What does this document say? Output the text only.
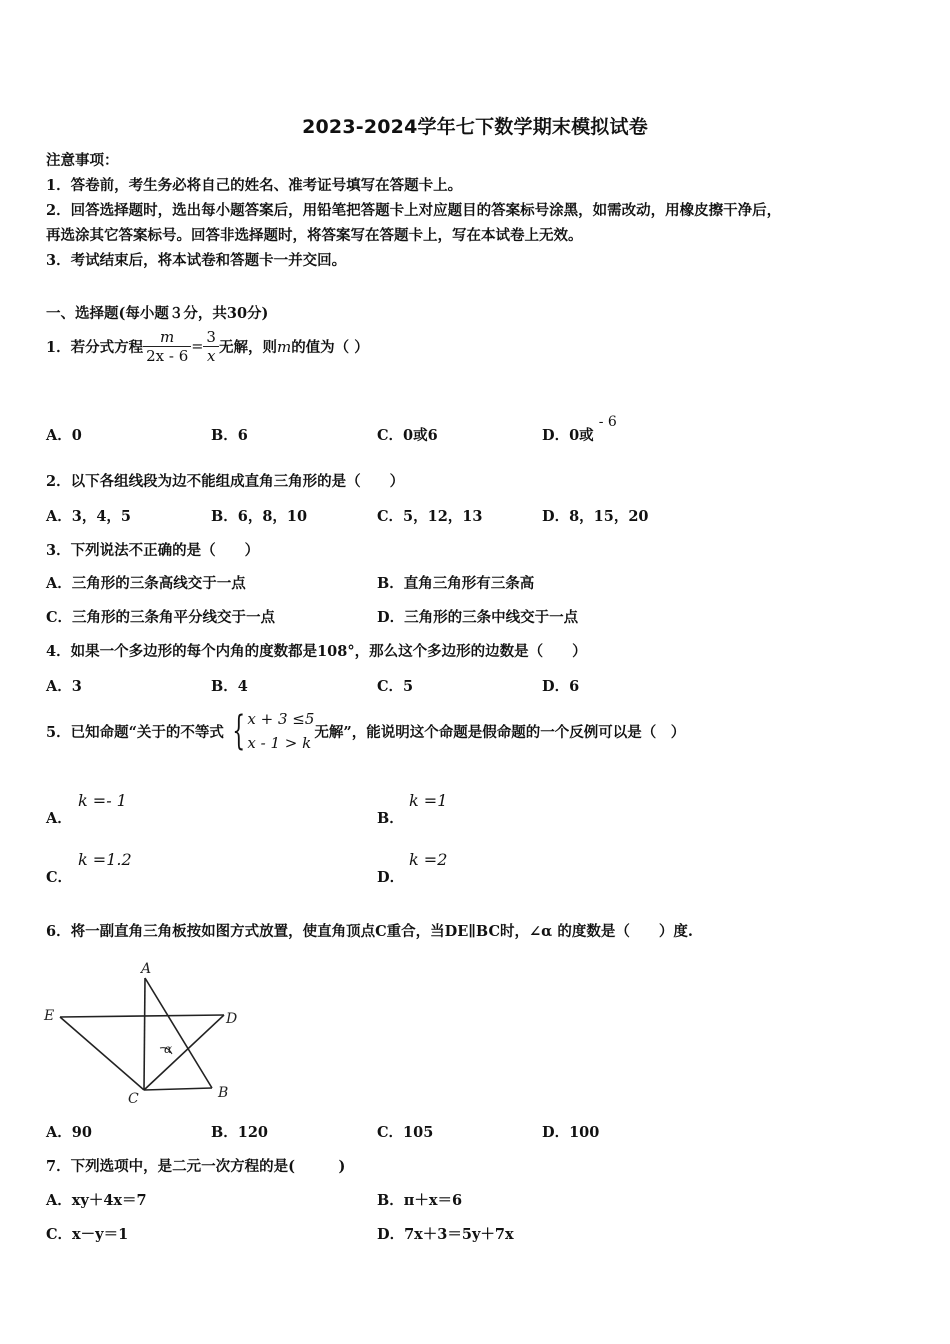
2023-2024学年七下数学期末模拟试卷
注意事项：
1．答卷前，考生务必将自己的姓名、准考证号填写在答题卡上。
2．回答选择题时，选出每小题答案后，用铅笔把答题卡上对应题目的答案标号涂黑，如需改动，用橡皮擦干净后，
再选涂其它答案标号。回答非选择题时，将答案写在答题卡上，写在本试卷上无效。
3．考试结束后，将本试卷和答题卡一并交回。
一、选择题(每小题３分，共30分)
1．若分式方程 $\frac{m}{2x - 6} = \frac{3}{x}$ 无解，则 m 的值为（ ）
A．0	B．6	C．0或6	D．0或 - 6
2．以下各组线段为边不能组成直角三角形的是（　　）
A．3，4，5	B．6，8，10	C．5，12，13	D．8，15，20
3．下列说法不正确的是（　　）
A．三角形的三条高线交于一点	B．直角三角形有三条高
C．三角形的三条角平分线交于一点	D．三角形的三条中线交于一点
4．如果一个多边形的每个内角的度数都是108°，那么这个多边形的边数是（　　）
A．3	B．4	C．5	D．6
5．已知命题“关于的不等式 { x + 3 ≤5
x - 1 > k
无解”，能说明这个命题是假命题的一个反例可以是（　）
A．
k =- 1
B．
k =1
C．
k =1.2
D．
k =2
6．将一副直角三角板按如图方式放置，使直角顶点C重合，当DE∥BC时，∠α 的度数是（　　）度.
A
E	D
C	B
α
A．90	B．120	C．105	D．100
7．下列选项中，是二元一次方程的是(　　　)
A．xy＋4x＝7	B．π＋x＝6
C．x－y＝1	D．7x＋3＝5y＋7x
